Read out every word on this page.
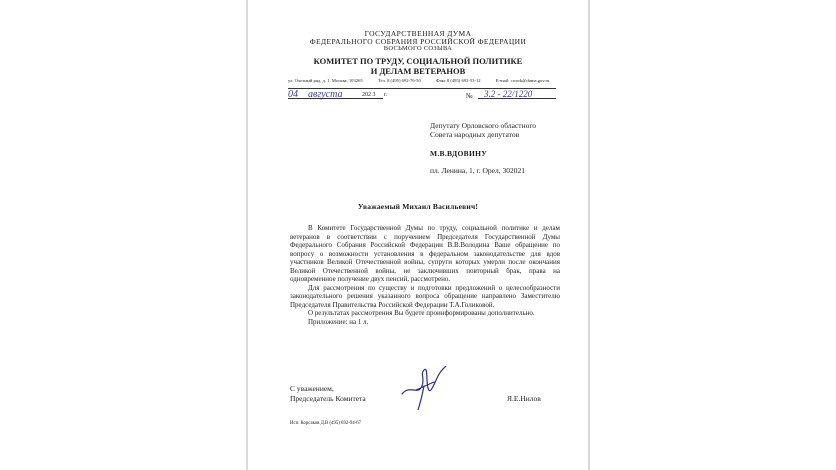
ГОСУДАРСТВЕННАЯ ДУМА
ФЕДЕРАЛЬНОГО СОБРАНИЯ РОССИЙСКОЙ ФЕДЕРАЦИИ
ВОСЬМОГО СОЗЫВА
КОМИТЕТ ПО ТРУДУ, СОЦИАЛЬНОЙ ПОЛИТИКЕ
И ДЕЛАМ ВЕТЕРАНОВ
ул. Охотный ряд, д. 1, Москва, 103265	Тел. 8 (495) 692-76-50	Факс 8 (495) 692-53-12	E-mail: cwork@duma.gov.ru
04 августа	202 3 г.	№ 3.2 - 22/1220
Депутату Орловского областного Совета народных депутатов
М.В.ВДОВИНУ
пл. Ленина, 1, г. Орел, 302021
Уважаемый Михаил Васильевич!

В Комитете Государственной Думы по труду, социальной политике и делам ветеранов в соответствии с поручением Председателя Государственной Думы Федерального Собрания Российской Федерации В.В.Володина Ваше обращение по вопросу о возможности установления в федеральном законодательстве для вдов участников Великой Отечественной войны, супруги которых умерли после окончания Великой Отечественной войны, не заключивших повторный брак, права на одновременное получение двух пенсий, рассмотрено.

Для рассмотрения по существу и подготовки предложений о целесообразности законодательного решения указанного вопроса обращение направлено Заместителю Председателя Правительства Российской Федерации Т.А.Голиковой.

О результатах рассмотрения Вы будете проинформированы дополнительно.

Приложение: на 1 л.

С уважением,
Председатель Комитета	Я.Е.Нилов
Исп. Корсаков Д.В (495) 692-94-67
